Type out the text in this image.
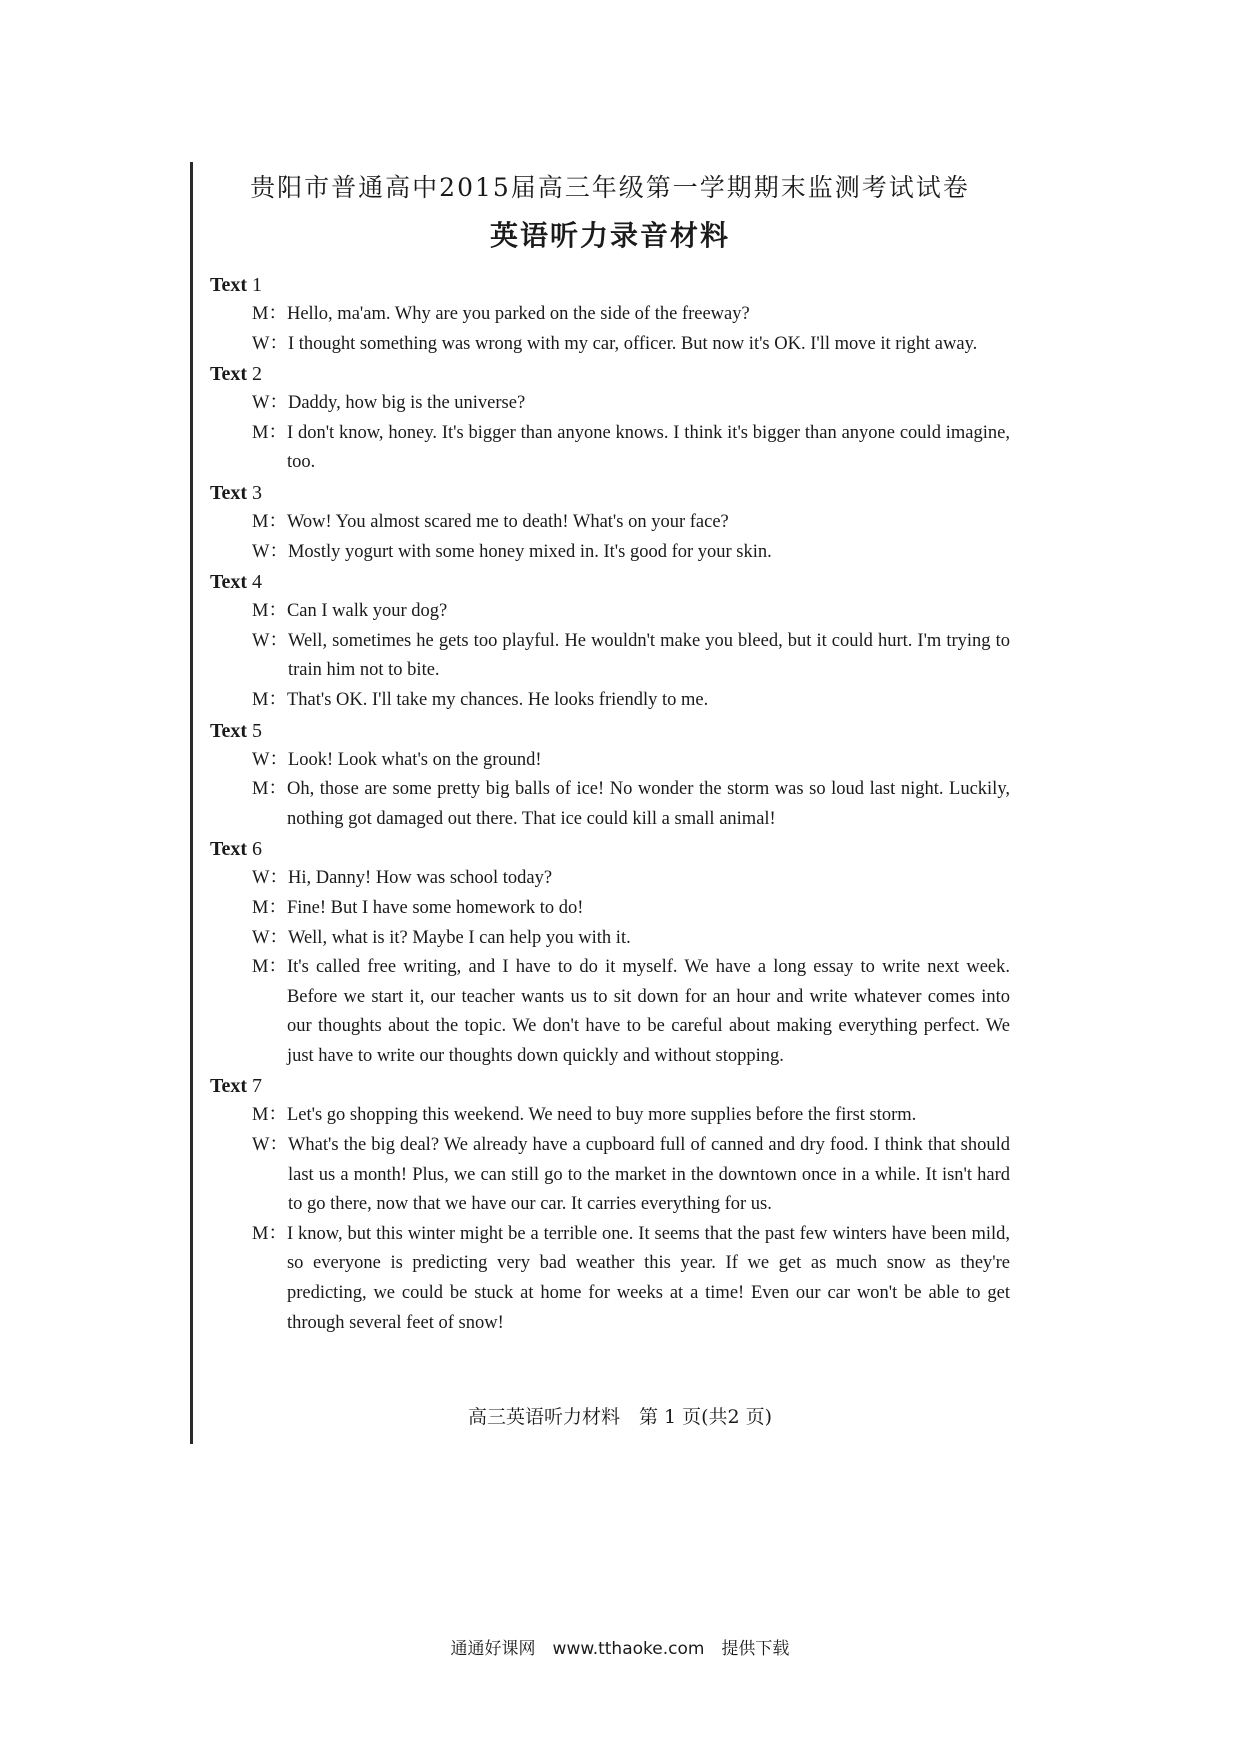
贵阳市普通高中2015届高三年级第一学期期末监测考试试卷
英语听力录音材料
Text 1
M： Hello, ma'am. Why are you parked on the side of the freeway?
W： I thought something was wrong with my car, officer. But now it's OK. I'll move it right away.
Text 2
W： Daddy, how big is the universe?
M： I don't know, honey. It's bigger than anyone knows. I think it's bigger than anyone could imagine, too.
Text 3
M： Wow! You almost scared me to death! What's on your face?
W： Mostly yogurt with some honey mixed in. It's good for your skin.
Text 4
M： Can I walk your dog?
W： Well, sometimes he gets too playful. He wouldn't make you bleed, but it could hurt. I'm trying to train him not to bite.
M： That's OK. I'll take my chances. He looks friendly to me.
Text 5
W： Look! Look what's on the ground!
M： Oh, those are some pretty big balls of ice! No wonder the storm was so loud last night. Luckily, nothing got damaged out there. That ice could kill a small animal!
Text 6
W： Hi, Danny! How was school today?
M： Fine! But I have some homework to do!
W： Well, what is it? Maybe I can help you with it.
M： It's called free writing, and I have to do it myself. We have a long essay to write next week. Before we start it, our teacher wants us to sit down for an hour and write whatever comes into our thoughts about the topic. We don't have to be careful about making everything perfect. We just have to write our thoughts down quickly and without stopping.
Text 7
M： Let's go shopping this weekend. We need to buy more supplies before the first storm.
W： What's the big deal? We already have a cupboard full of canned and dry food. I think that should last us a month! Plus, we can still go to the market in the downtown once in a while. It isn't hard to go there, now that we have our car. It carries everything for us.
M： I know, but this winter might be a terrible one. It seems that the past few winters have been mild, so everyone is predicting very bad weather this year. If we get as much snow as they're predicting, we could be stuck at home for weeks at a time! Even our car won't be able to get through several feet of snow!
高三英语听力材料　第 1 页(共2 页)
通通好课网　www.tthaoke.com　提供下载
